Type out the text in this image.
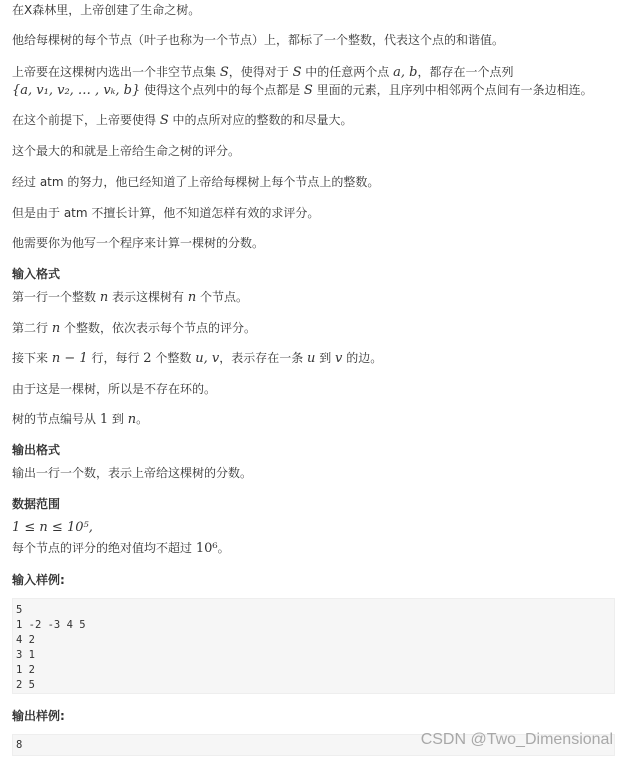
在X森林里，上帝创建了生命之树。
他给每棵树的每个节点（叶子也称为一个节点）上，都标了一个整数，代表这个点的和谐值。
上帝要在这棵树内选出一个非空节点集 S，使得对于 S 中的任意两个点 a, b，都存在一个点列
{a, v₁, v₂, … , vₖ, b} 使得这个点列中的每个点都是 S 里面的元素，且序列中相邻两个点间有一条边相连。
在这个前提下，上帝要使得 S 中的点所对应的整数的和尽量大。
这个最大的和就是上帝给生命之树的评分。
经过 atm 的努力，他已经知道了上帝给每棵树上每个节点上的整数。
但是由于 atm 不擅长计算，他不知道怎样有效的求评分。
他需要你为他写一个程序来计算一棵树的分数。
输入格式
第一行一个整数 n 表示这棵树有 n 个节点。
第二行 n 个整数，依次表示每个节点的评分。
接下来 n − 1 行，每行 2 个整数 u, v，表示存在一条 u 到 v 的边。
由于这是一棵树，所以是不存在环的。
树的节点编号从 1 到 n。
输出格式
输出一行一个数，表示上帝给这棵树的分数。
数据范围
1 ≤ n ≤ 10⁵,
每个节点的评分的绝对值均不超过 10⁶。
输入样例:
5
1 -2 -3 4 5
4 2
3 1
1 2
2 5
输出样例:
8	CSDN @Two_Dimensional
